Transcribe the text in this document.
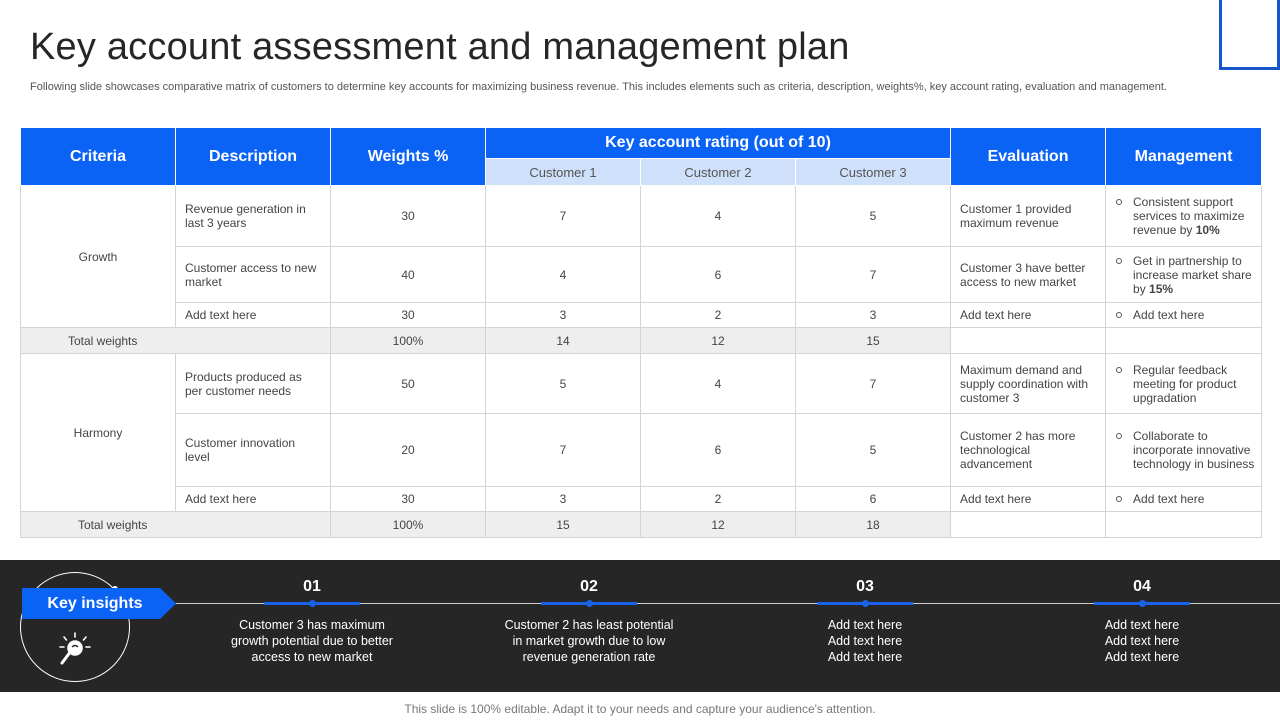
Key account assessment and management plan

Following slide showcases comparative matrix of customers to determine key accounts for maximizing business revenue. This includes elements such as criteria, description, weights%, key account rating, evaluation and management.

Criteria	Description	Weights %	Key account rating (out of 10)			Evaluation	Management
			Customer 1	Customer 2	Customer 3		
Growth	Revenue generation in last 3 years	30	7	4	5	Customer 1 provided maximum revenue	Consistent support services to maximize revenue by 10%

	Customer access to new market	40	4	6	7	Customer 3 have better access to new market	Get in partnership to increase market share by 15%

	Add text here	30	3	2	3	Add text here	Add text here

Total weights		100%	14	12	15		
Harmony	Products produced as per customer needs	50	5	4	7	Maximum demand and supply coordination with customer 3	Regular feedback meeting for product upgradation

	Customer innovation level	20	7	6	5	Customer 2 has more technological advancement	Collaborate to incorporate innovative technology in business

	Add text here	30	3	2	6	Add text here	Add text here

Total weights		100%	15	12	18		
Key insights
01
Customer 3 has maximum
growth potential due to better
access to new market
02
Customer 2 has least potential
in market growth due to low
revenue generation rate
03
Add text here
Add text here
Add text here
04
Add text here
Add text here
Add text here
This slide is 100% editable. Adapt it to your needs and capture your audience's attention.
